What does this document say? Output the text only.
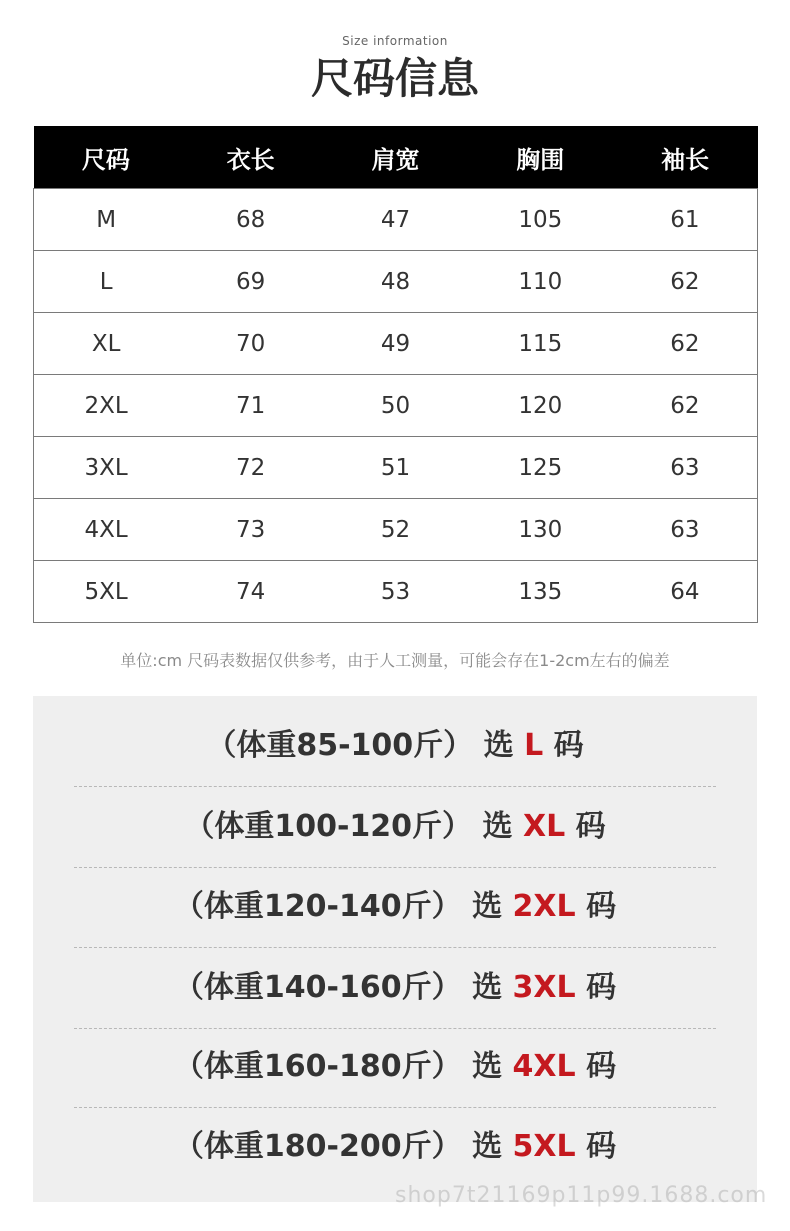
Size information
尺码信息
尺码	衣长	肩宽	胸围	袖长
M	68	47	105	61
L	69	48	110	62
XL	70	49	115	62
2XL	71	50	120	62
3XL	72	51	125	63
4XL	73	52	130	63
5XL	74	53	135	64
单位:cm 尺码表数据仅供参考，由于人工测量，可能会存在1-2cm左右的偏差
（体重85-100斤） 选 L 码
（体重100-120斤） 选 XL 码
（体重120-140斤） 选 2XL 码
（体重140-160斤） 选 3XL 码
（体重160-180斤） 选 4XL 码
（体重180-200斤） 选 5XL 码
shop7t21169p11p99.1688.com
